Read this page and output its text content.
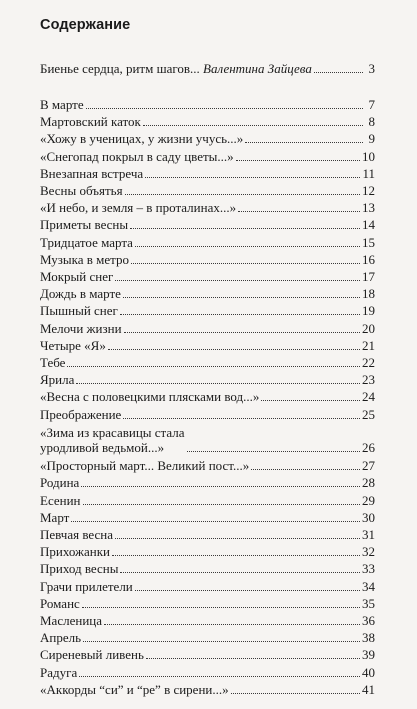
Содержание
Биенье сердца, ритм шагов... Валентина Зайцева	3
В марте	7
Мартовский каток	8
«Хожу в ученицах, у жизни учусь...»	9
«Снегопад покрыл в саду цветы...»	10
Внезапная встреча	11
Весны объятья	12
«И небо, и земля – в проталинах...»	13
Приметы весны	14
Тридцатое марта	15
Музыка в метро	16
Мокрый снег	17
Дождь в марте	18
Пышный снег	19
Мелочи жизни	20
Четыре «Я»	21
Тебе	22
Ярила	23
«Весна с половецкими плясками вод...»	24
Преображение	25
«Зима из красавицы стала
уродливой ведьмой...»	26
«Просторный март... Великий пост...»	27
Родина	28
Есенин	29
Март	30
Певчая весна	31
Прихожанки	32
Приход весны	33
Грачи прилетели	34
Романс	35
Масленица	36
Апрель	38
Сиреневый ливень	39
Радуга	40
«Аккорды “си” и “ре” в сирени...»	41
